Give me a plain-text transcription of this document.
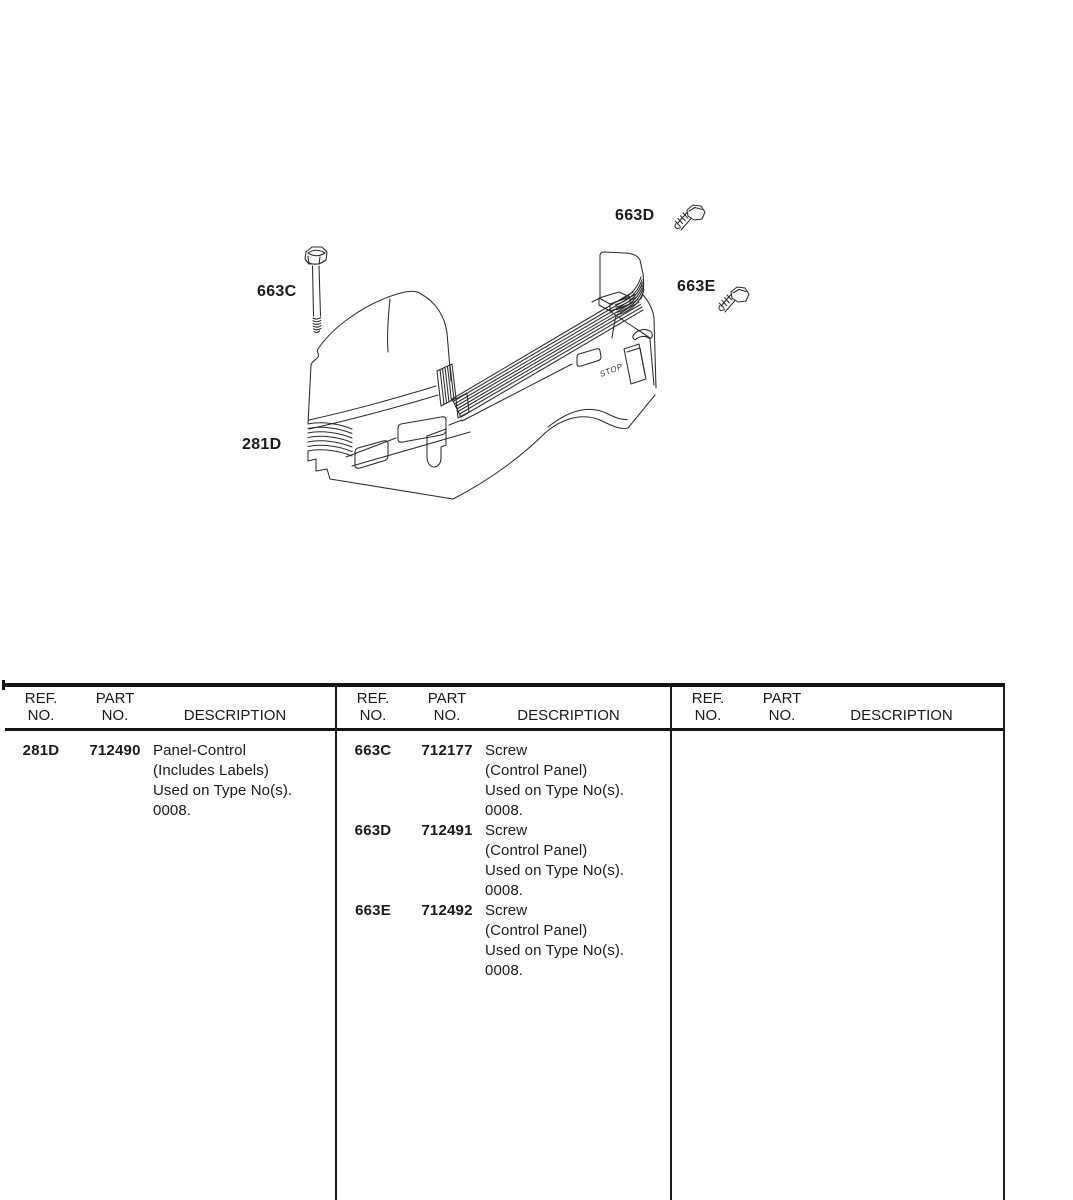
STOP
663D
663C	663E
281D
REF.
NO.
PART
NO.	DESCRIPTION
REF.
NO.
PART
NO.	DESCRIPTION
REF.
NO.
PART
NO.	DESCRIPTION
281D	712490 Panel-Control
(Includes Labels)
Used on Type No(s).
0008.
663C	712177 Screw
(Control Panel)
Used on Type No(s).
0008.
663D	712491 Screw
(Control Panel)
Used on Type No(s).
0008.
663E	712492 Screw
(Control Panel)
Used on Type No(s).
0008.
